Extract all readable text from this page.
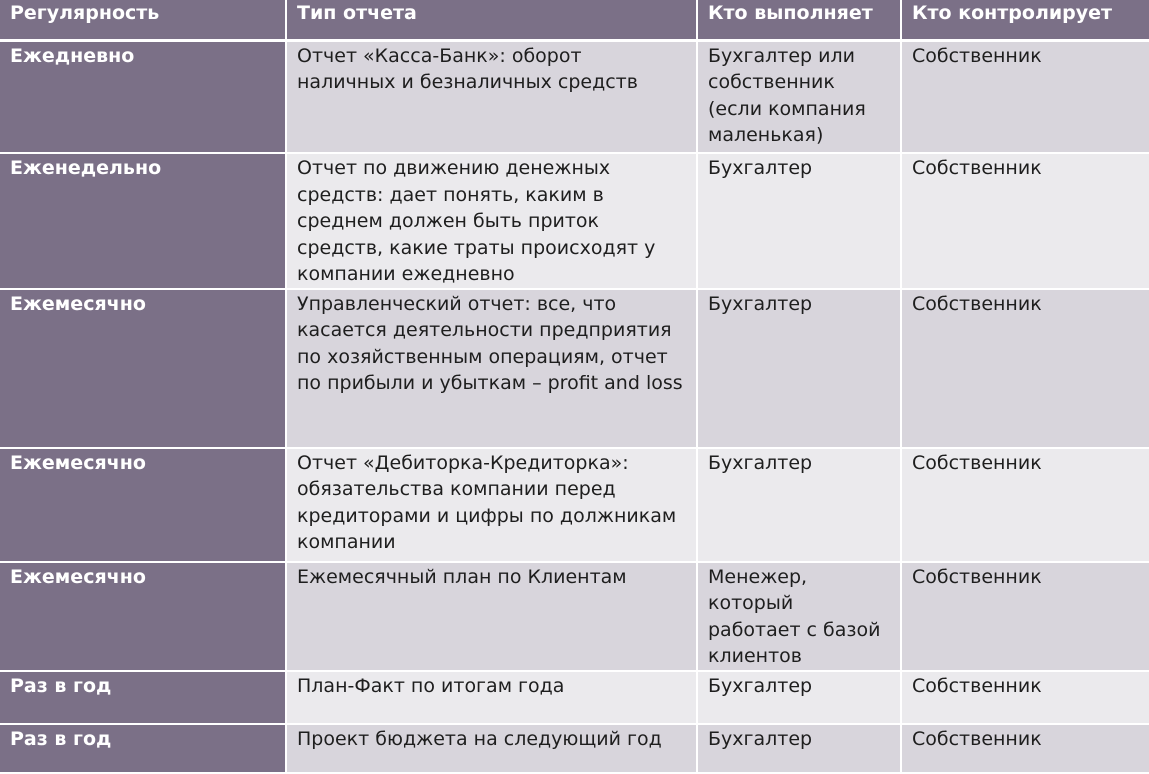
Регулярность	Тип отчета	Кто выполняет	Кто контролирует
Ежедневно	Отчет «Касса-Банк»: оборот наличных и безналичных средств	Бухгалтер или собственник (если компания маленькая)	Собственник
Еженедельно	Отчет по движению денежных средств: дает понять, каким в среднем должен быть приток средств, какие траты происходят у компании ежедневно	Бухгалтер	Собственник
Ежемесячно	Управленческий отчет: все, что касается деятельности предприятия по хозяйственным операциям, отчет по прибыли и убыткам – profit and loss	Бухгалтер	Собственник
Ежемесячно	Отчет «Дебиторка-Кредиторка»: обязательства компании перед кредиторами и цифры по должникам компании	Бухгалтер	Собственник
Ежемесячно	Ежемесячный план по Клиентам	Менежер, который работает с базой клиентов	Собственник
Раз в год	План-Факт по итогам года	Бухгалтер	Собственник
Раз в год	Проект бюджета на следующий год	Бухгалтер	Собственник
